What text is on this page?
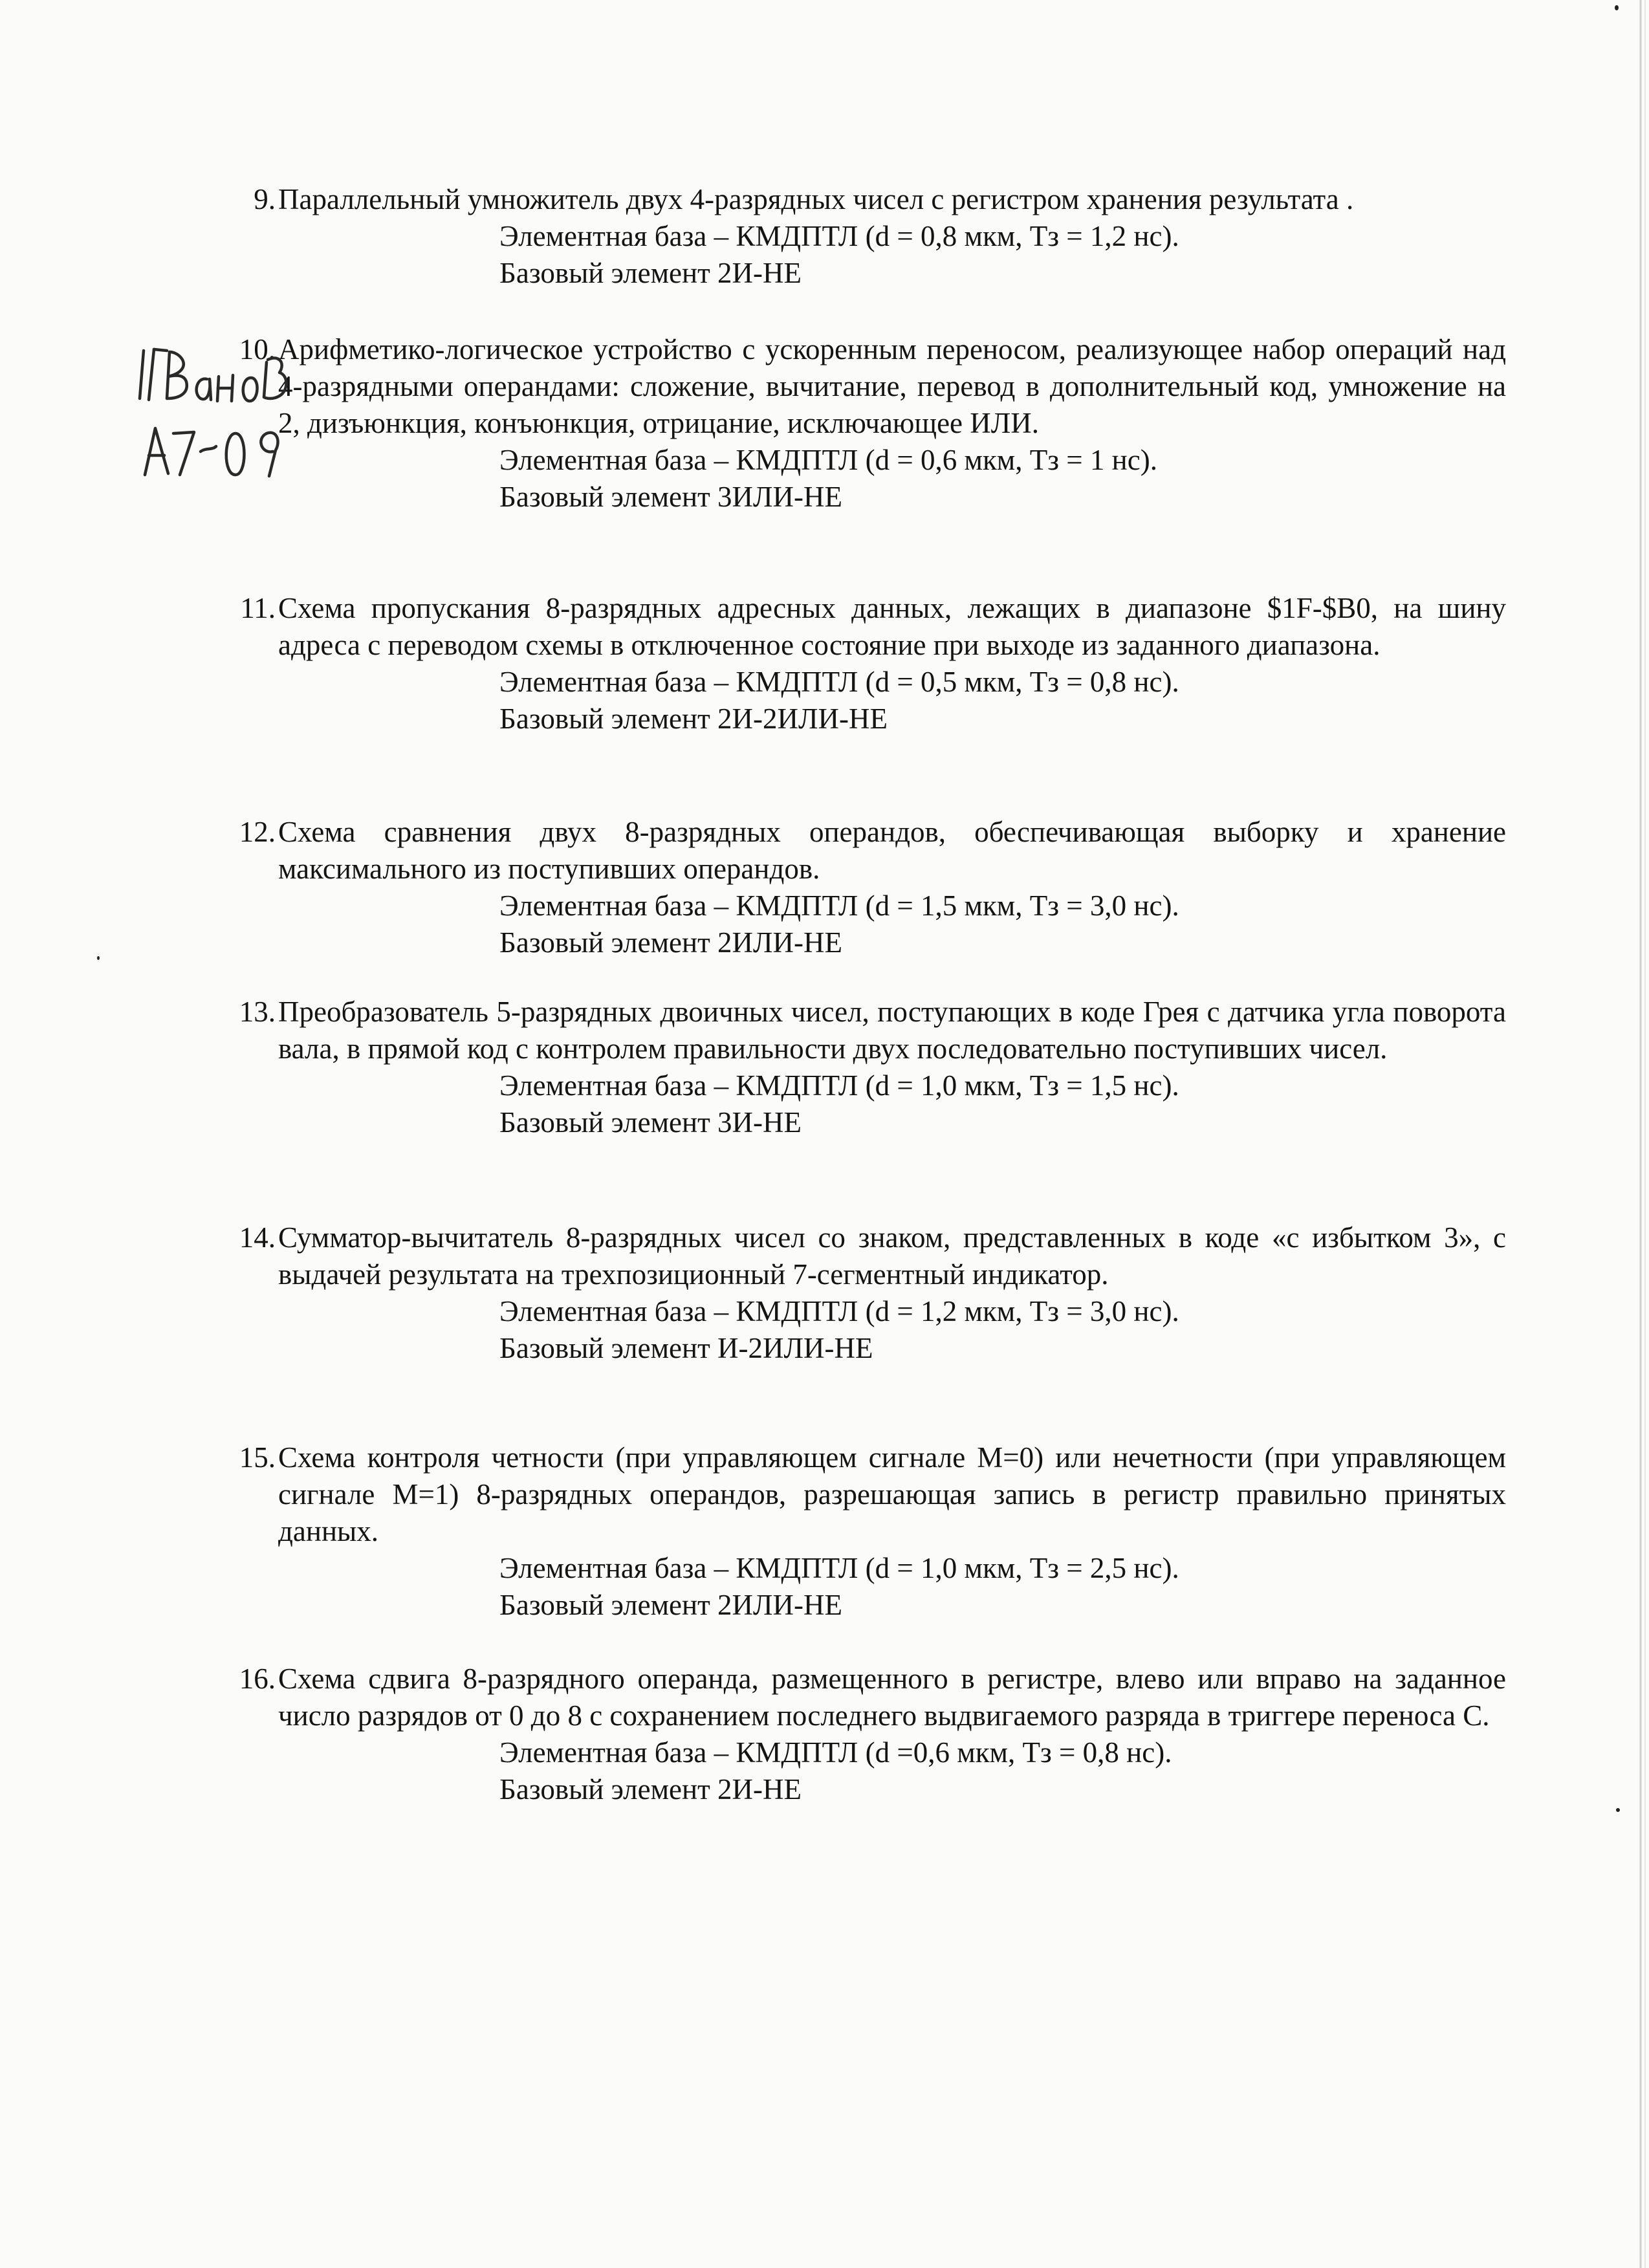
9. Параллельный умножитель двух 4-разрядных чисел с регистром хранения результата .
Элементная база – КМДПТЛ (d = 0,8 мкм, Тз = 1,2 нс).
Базовый элемент 2И-НЕ
10. Арифметико-логическое устройство с ускоренным переносом, реализующее набор операций над 4-разрядными операндами: сложение, вычитание, перевод в дополнительный код, умножение на 2, дизъюнкция, конъюнкция, отрицание, исключающее ИЛИ.
Элементная база – КМДПТЛ (d = 0,6 мкм, Тз = 1 нс).
Базовый элемент 3ИЛИ-НЕ
11. Схема пропускания 8-разрядных адресных данных, лежащих в диапазоне $1F-$B0, на шину адреса с переводом схемы в отключенное состояние при выходе из заданного диапазона.
Элементная база – КМДПТЛ (d = 0,5 мкм, Тз = 0,8 нс).
Базовый элемент 2И-2ИЛИ-НЕ
12. Схема сравнения двух 8-разрядных операндов, обеспечивающая выборку и хранение максимального из поступивших операндов.
Элементная база – КМДПТЛ (d = 1,5 мкм, Тз = 3,0 нс).
Базовый элемент 2ИЛИ-НЕ
13. Преобразователь 5-разрядных двоичных чисел, поступающих в коде Грея с датчика угла поворота вала, в прямой код с контролем правильности двух последовательно поступивших чисел.
Элементная база – КМДПТЛ (d = 1,0 мкм, Тз = 1,5 нс).
Базовый элемент 3И-НЕ
14. Сумматор-вычитатель 8-разрядных чисел со знаком, представленных в коде «с избытком 3», с выдачей результата на трехпозиционный 7-сегментный индикатор.
Элементная база – КМДПТЛ (d = 1,2 мкм, Тз = 3,0 нс).
Базовый элемент И-2ИЛИ-НЕ
15. Схема контроля четности (при управляющем сигнале М=0) или нечетности (при управляющем сигнале М=1) 8-разрядных операндов, разрешающая запись в регистр правильно принятых данных.
Элементная база – КМДПТЛ (d = 1,0 мкм, Тз = 2,5 нс).
Базовый элемент 2ИЛИ-НЕ
16. Схема сдвига 8-разрядного операнда, размещенного в регистре, влево или вправо на заданное число разрядов от 0 до 8 с сохранением последнего выдвигаемого разряда в триггере переноса С.
Элементная база – КМДПТЛ (d =0,6 мкм, Тз = 0,8 нс).
Базовый элемент 2И-НЕ
